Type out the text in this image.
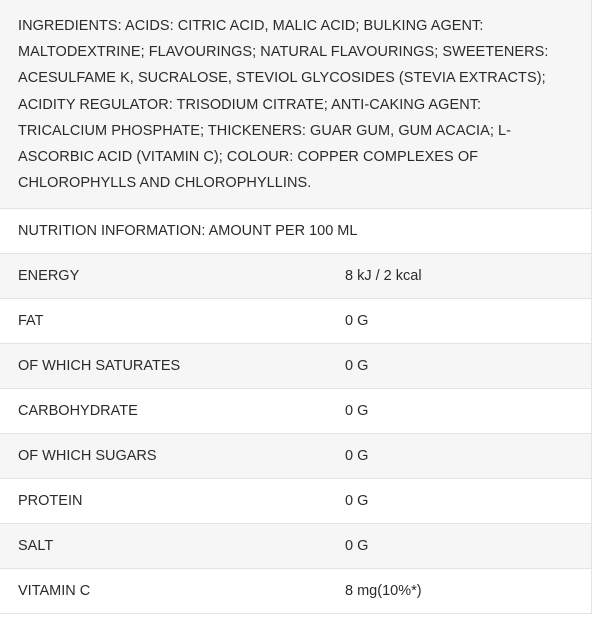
INGREDIENTS: ACIDS: CITRIC ACID, MALIC ACID; BULKING AGENT: MALTODEXTRINE; FLAVOURINGS; NATURAL FLAVOURINGS; SWEETENERS: ACESULFAME K, SUCRALOSE, STEVIOL GLYCOSIDES (STEVIA EXTRACTS); ACIDITY REGULATOR: TRISODIUM CITRATE; ANTI-CAKING AGENT: TRICALCIUM PHOSPHATE; THICKENERS: GUAR GUM, GUM ACACIA; L-ASCORBIC ACID (VITAMIN C); COLOUR: COPPER COMPLEXES OF CHLOROPHYLLS AND CHLOROPHYLLINS.
NUTRITION INFORMATION: AMOUNT PER 100 ML
ENERGY	8 kJ / 2 kcal
FAT	0 G
OF WHICH SATURATES	0 G
CARBOHYDRATE	0 G
OF WHICH SUGARS	0 G
PROTEIN	0 G
SALT	0 G
VITAMIN C	8 mg(10%*)
